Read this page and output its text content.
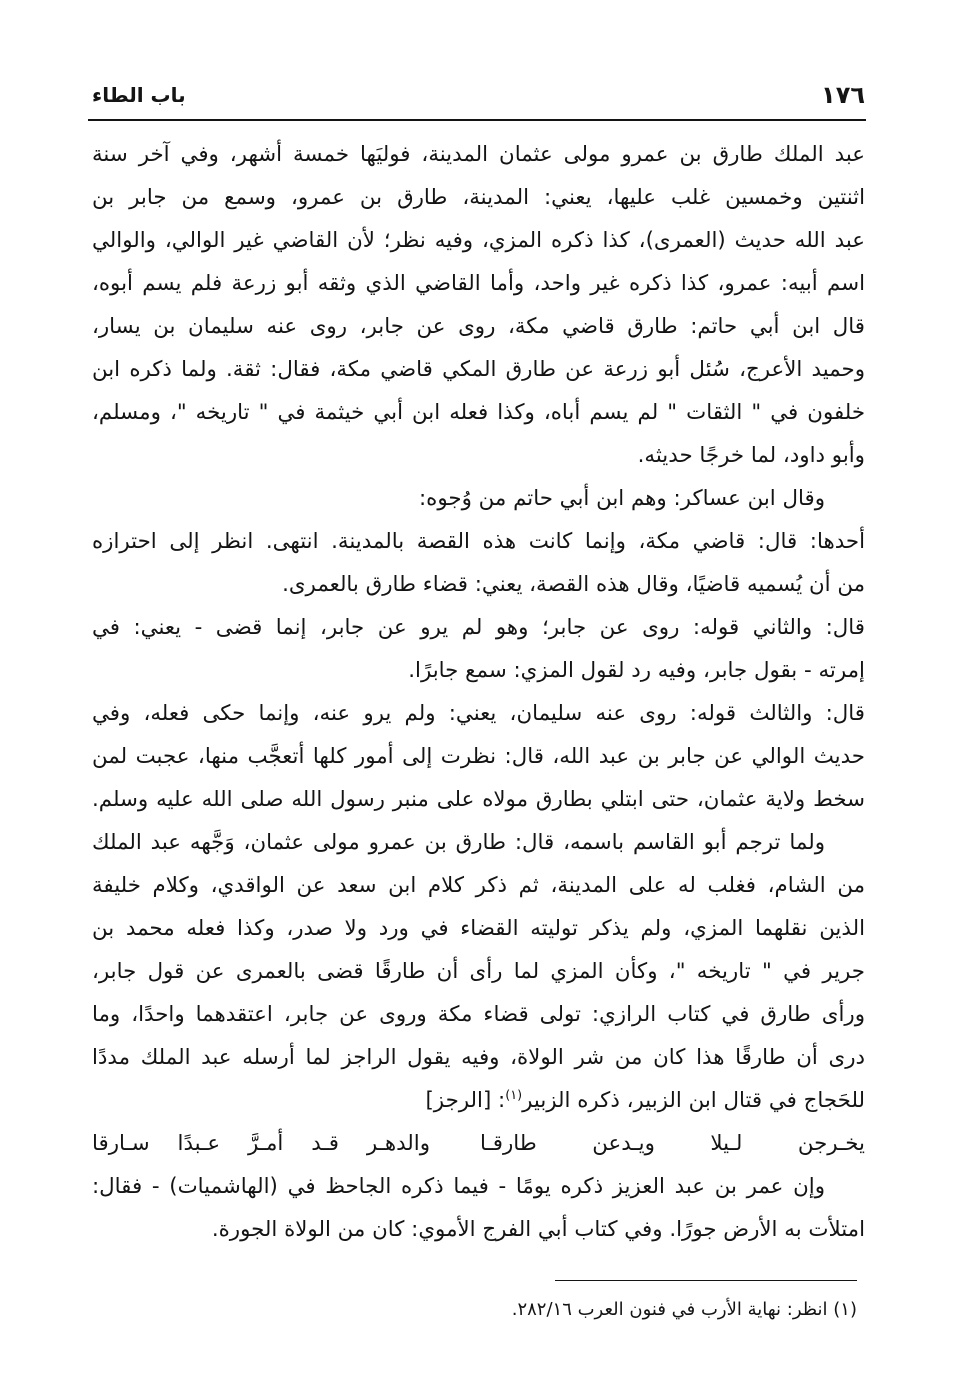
١٧٦
باب الطاء
عبد الملك طارق بن عمرو مولى عثمان المدينة، فوليَها خمسة أشهر، وفي آخر سنة
اثنتين وخمسين غلب عليها، يعني: المدينة، طارق بن عمرو، وسمع من جابر بن
عبد الله حديث (العمرى)، كذا ذكره المزي، وفيه نظر؛ لأن القاضي غير الوالي، والوالي
اسم أبيه: عمرو، كذا ذكره غير واحد، وأما القاضي الذي وثقه أبو زرعة فلم يسم أبوه،
قال ابن أبي حاتم: طارق قاضي مكة، روى عن جابر، روى عنه سليمان بن يسار،
وحميد الأعرج، سُئل أبو زرعة عن طارق المكي قاضي مكة، فقال: ثقة. ولما ذكره ابن
خلفون في " الثقات " لم يسم أباه، وكذا فعله ابن أبي خيثمة في " تاريخه "، ومسلم،
وأبو داود، لما خرجًا حديثه.
وقال ابن عساكر: وهم ابن أبي حاتم من وُجوه:
أحدها: قال: قاضي مكة، وإنما كانت هذه القصة بالمدينة. انتهى. انظر إلى احترازه
من أن يُسميه قاضيًا، وقال هذه القصة، يعني: قضاء طارق بالعمرى.
قال: والثاني قوله: روى عن جابر؛ وهو لم يرو عن جابر، إنما قضى - يعني: في
إمرته - بقول جابر، وفيه رد لقول المزي: سمع جابرًا.
قال: والثالث قوله: روى عنه سليمان، يعني: ولم يرو عنه، وإنما حكى فعله، وفي
حديث الوالي عن جابر بن عبد الله، قال: نظرت إلى أمور كلها أتعجَّب منها، عجبت لمن
سخط ولاية عثمان، حتى ابتلي بطارق مولاه على منبر رسول الله صلى الله عليه وسلم.
ولما ترجم أبو القاسم باسمه، قال: طارق بن عمرو مولى عثمان، وَجَّهه عبد الملك
من الشام، فغلب له على المدينة، ثم ذكر كلام ابن سعد عن الواقدي، وكلام خليفة
الذين نقلهما المزي، ولم يذكر توليته القضاء في ورد ولا صدر، وكذا فعله محمد بن
جرير في " تاريخه "، وكأن المزي لما رأى أن طارقًا قضى بالعمرى عن قول جابر،
ورأى طارق في كتاب الرازي: تولى قضاء مكة وروى عن جابر، اعتقدهما واحدًا، وما
درى أن طارقًا هذا كان من شر الولاة، وفيه يقول الراجز لما أرسله عبد الملك مددًا
للحَجاج في قتال ابن الزبير، ذكره الزبير$^{(١)}$: [الرجز]
يخـرجن لـيلا ويـدعن طارقـا
والدهـر قـد أمـرَّ عـبدًا سـارقا
وإن عمر بن عبد العزيز ذكره يومًا - فيما ذكره الجاحظ في (الهاشميات) - فقال:
امتلأت به الأرض جورًا. وفي كتاب أبي الفرج الأموي: كان من الولاة الجورة.
(١) انظر: نهاية الأرب في فنون العرب ٢٨٢/١٦.
